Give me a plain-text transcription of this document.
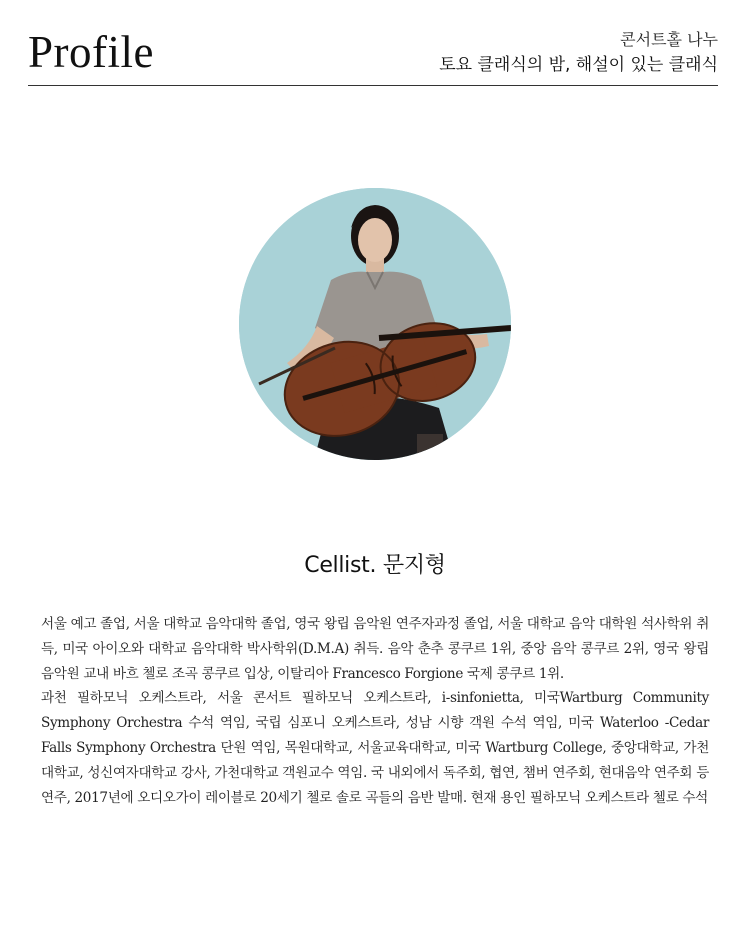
Profile	콘서트홀 나누
토요 클래식의 밤, 해설이 있는 클래식
Cellist. 문지형

서울 예고 졸업, 서울 대학교 음악대학 졸업, 영국 왕립 음악원 연주자과정 졸업, 서울 대학교 음악 대학원 석사학위 취득, 미국 아이오와 대학교 음악대학 박사학위(D.M.A) 취득. 음악 춘추 콩쿠르 1위, 중앙 음악 콩쿠르 2위, 영국 왕립 음악원 교내 바흐 첼로 조곡 콩쿠르 입상, 이탈리아 Francesco Forgione 국제 콩쿠르 1위.

과천 필하모닉 오케스트라, 서울 콘서트 필하모닉 오케스트라, i-sinfonietta, 미국Wartburg Community Symphony Orchestra 수석 역임, 국립 심포니 오케스트라, 성남 시향 객원 수석 역임, 미국 Waterloo -Cedar Falls Symphony Orchestra 단원 역임, 목원대학교, 서울교육대학교, 미국 Wartburg College, 중앙대학교, 가천대학교, 성신여자대학교 강사, 가천대학교 객원교수 역임. 국 내외에서 독주회, 협연, 챔버 연주회, 현대음악 연주회 등 연주, 2017년에 오디오가이 레이블로 20세기 첼로 솔로 곡들의 음반 발매. 현재 용인 필하모닉 오케스트라 첼로 수석
